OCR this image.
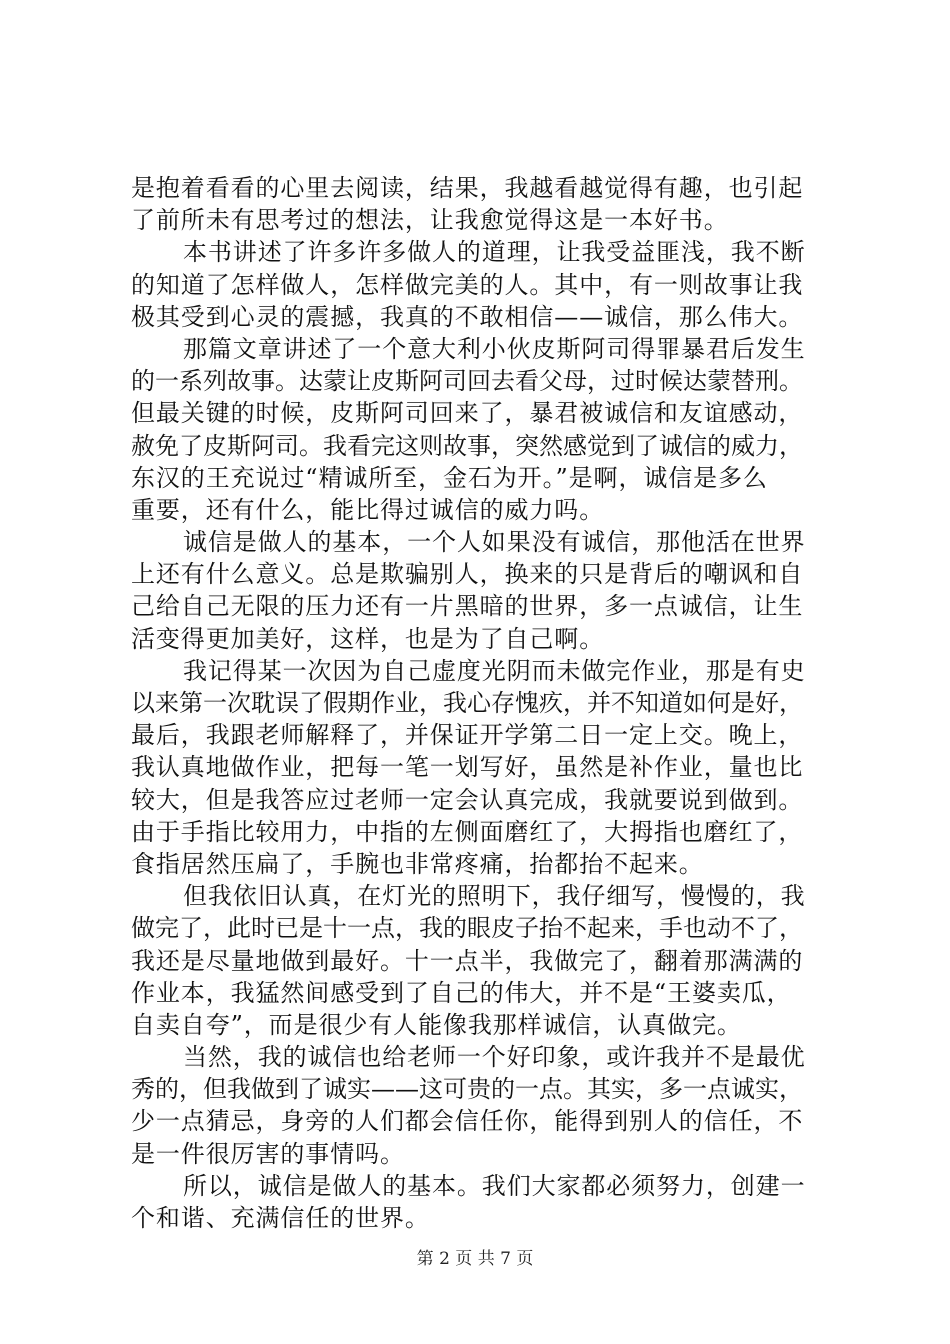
是抱着看看的心里去阅读，结果，我越看越觉得有趣，也引起
了前所未有思考过的想法，让我愈觉得这是一本好书。
本书讲述了许多许多做人的道理，让我受益匪浅，我不断
的知道了怎样做人，怎样做完美的人。其中，有一则故事让我
极其受到心灵的震撼，我真的不敢相信——诚信，那么伟大。
那篇文章讲述了一个意大利小伙皮斯阿司得罪暴君后发生
的一系列故事。达蒙让皮斯阿司回去看父母，过时候达蒙替刑。
但最关键的时候，皮斯阿司回来了，暴君被诚信和友谊感动，
赦免了皮斯阿司。我看完这则故事，突然感觉到了诚信的威力，
东汉的王充说过“精诚所至，金石为开。”是啊，诚信是多么
重要，还有什么，能比得过诚信的威力吗。
诚信是做人的基本，一个人如果没有诚信，那他活在世界
上还有什么意义。总是欺骗别人，换来的只是背后的嘲讽和自
己给自己无限的压力还有一片黑暗的世界，多一点诚信，让生
活变得更加美好，这样，也是为了自己啊。
我记得某一次因为自己虚度光阴而未做完作业，那是有史
以来第一次耽误了假期作业，我心存愧疚，并不知道如何是好，
最后，我跟老师解释了，并保证开学第二日一定上交。晚上，
我认真地做作业，把每一笔一划写好，虽然是补作业，量也比
较大，但是我答应过老师一定会认真完成，我就要说到做到。
由于手指比较用力，中指的左侧面磨红了，大拇指也磨红了，
食指居然压扁了，手腕也非常疼痛，抬都抬不起来。
但我依旧认真，在灯光的照明下，我仔细写，慢慢的，我
做完了，此时已是十一点，我的眼皮子抬不起来，手也动不了，
我还是尽量地做到最好。十一点半，我做完了，翻着那满满的
作业本，我猛然间感受到了自己的伟大，并不是“王婆卖瓜，
自卖自夸”，而是很少有人能像我那样诚信，认真做完。
当然，我的诚信也给老师一个好印象，或许我并不是最优
秀的，但我做到了诚实——这可贵的一点。其实，多一点诚实，
少一点猜忌，身旁的人们都会信任你，能得到别人的信任，不
是一件很厉害的事情吗。
所以，诚信是做人的基本。我们大家都必须努力，创建一
个和谐、充满信任的世界。
第 2 页 共 7 页
